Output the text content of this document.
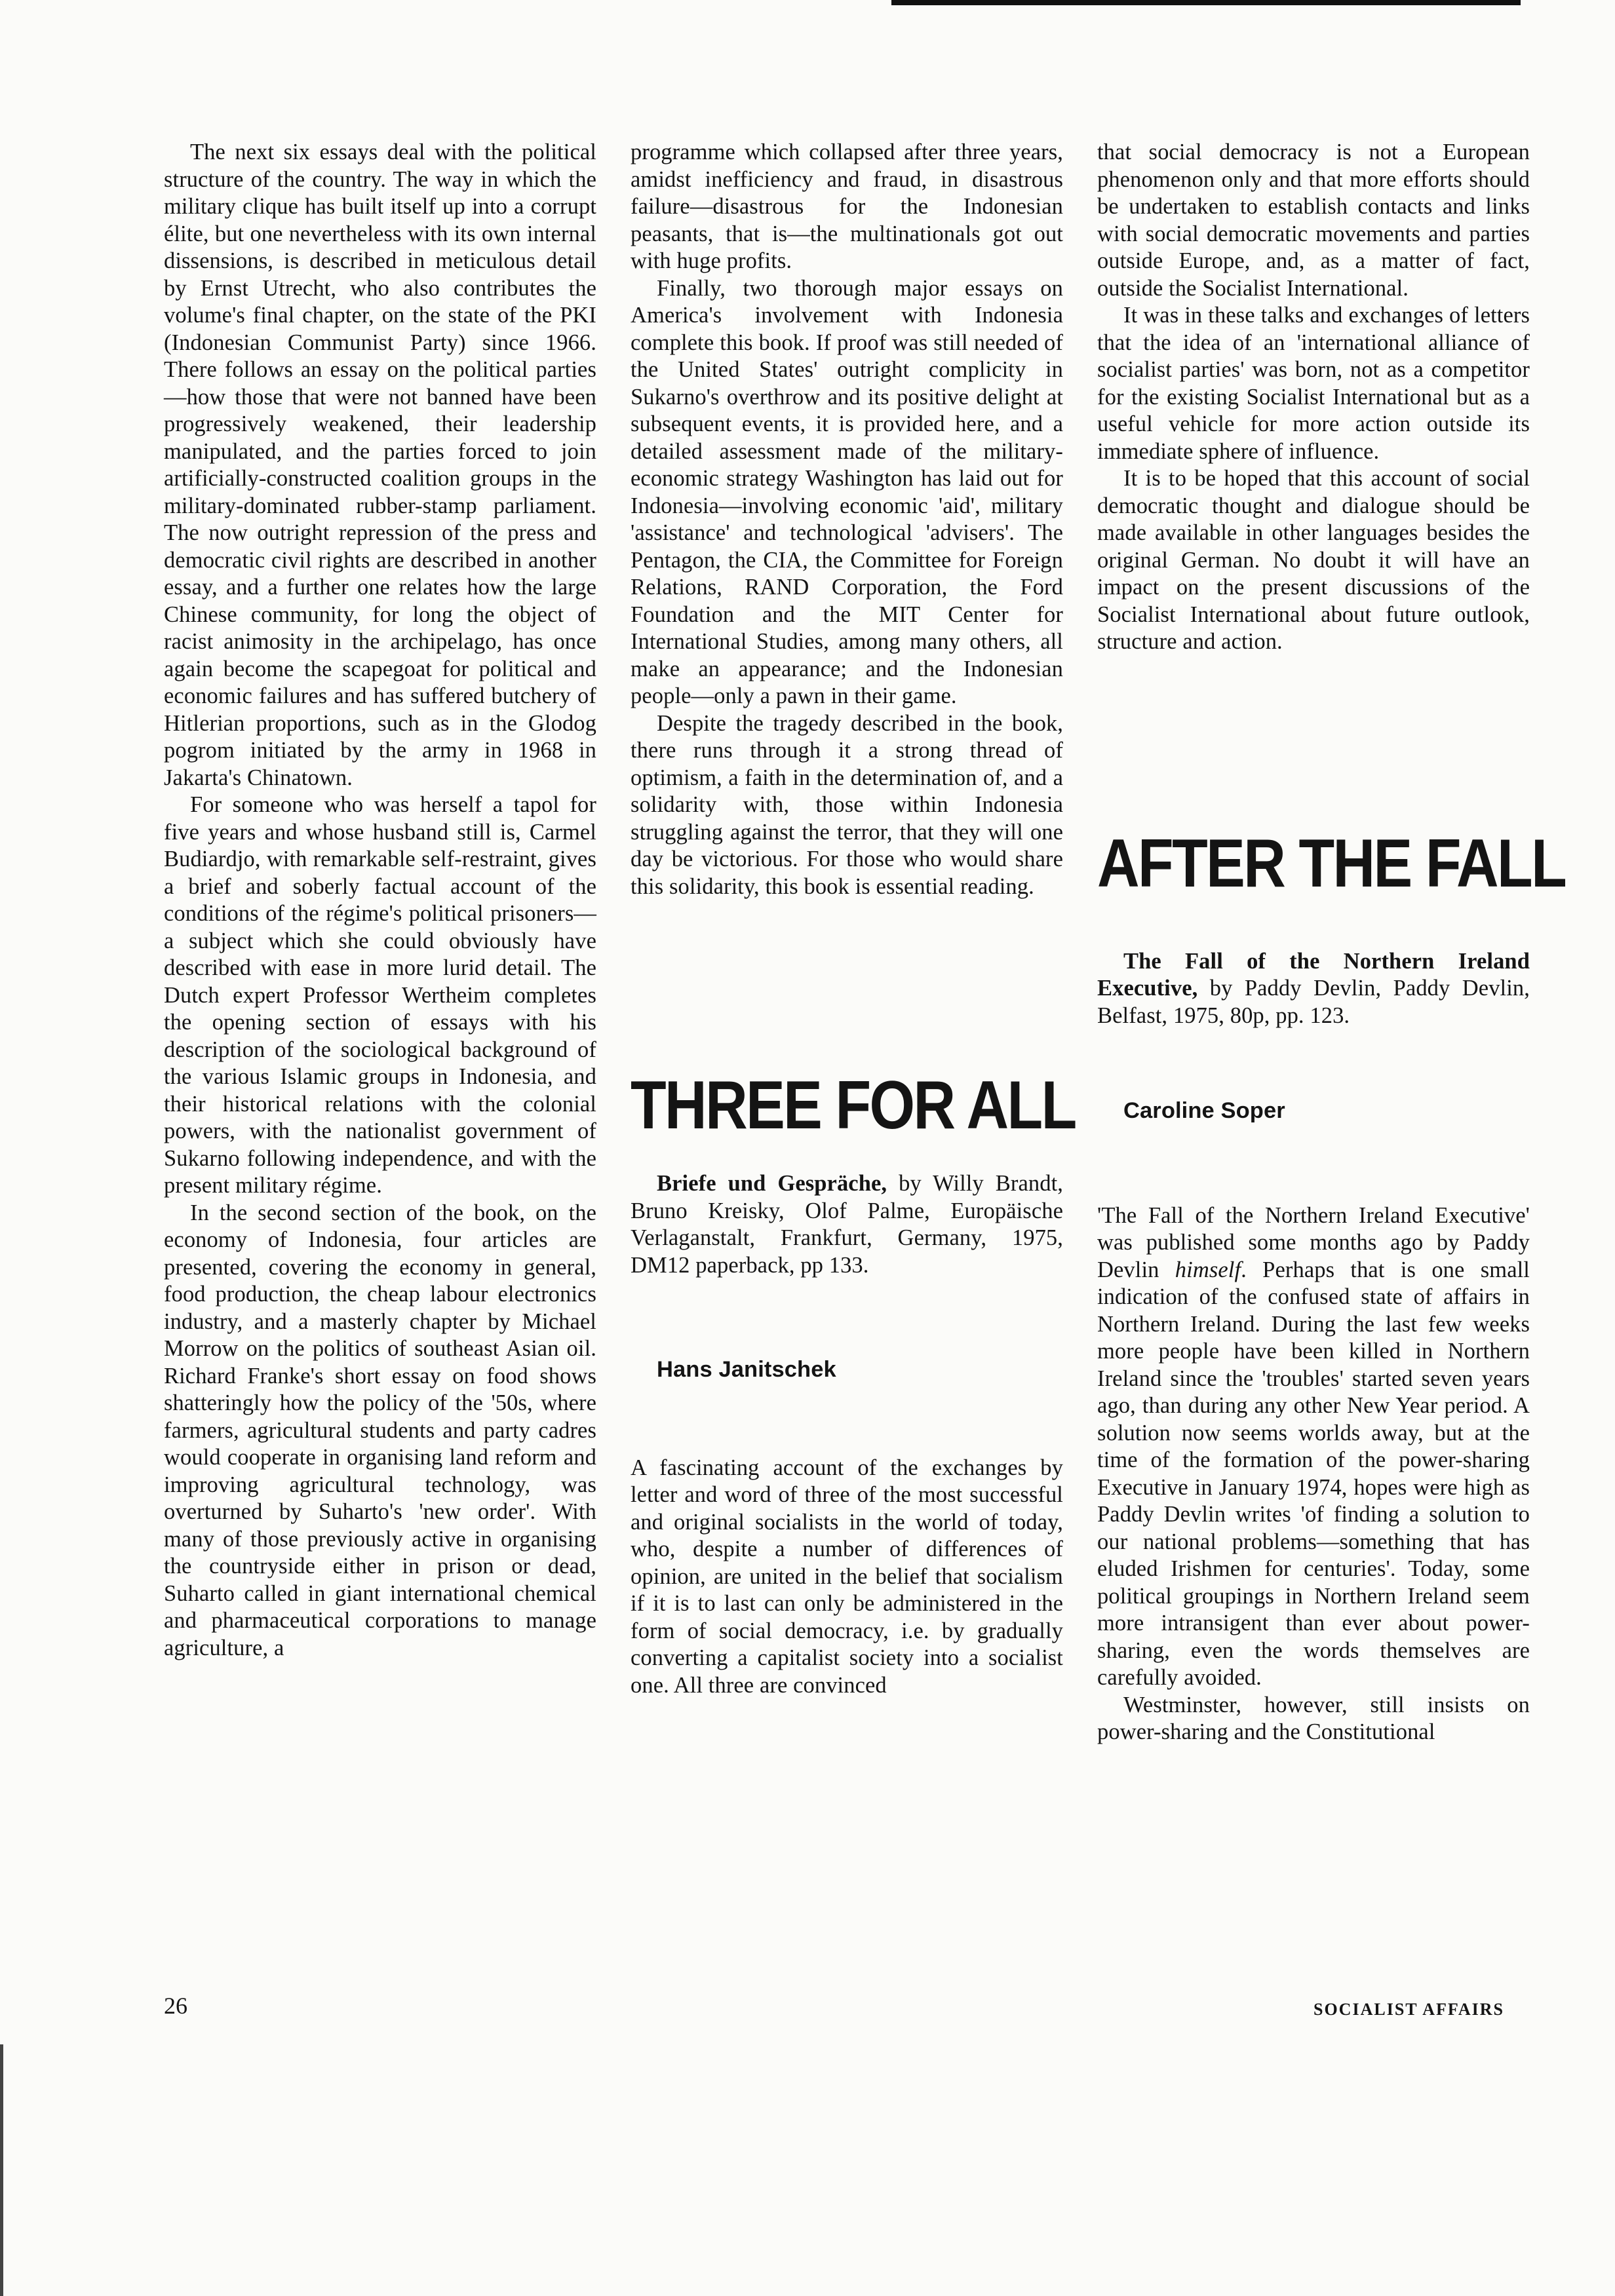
The next six essays deal with the political structure of the country. The way in which the military clique has built itself up into a corrupt élite, but one nevertheless with its own internal dissensions, is described in meticulous detail by Ernst Utrecht, who also contributes the volume's final chapter, on the state of the PKI (Indonesian Communist Party) since 1966. There follows an essay on the political parties—how those that were not banned have been progressively weakened, their leadership manipulated, and the parties forced to join artificially-constructed coalition groups in the military-dominated rubber-stamp parliament. The now outright repression of the press and democratic civil rights are described in another essay, and a further one relates how the large Chinese community, for long the object of racist animosity in the archipelago, has once again become the scapegoat for political and economic failures and has suffered butchery of Hitlerian proportions, such as in the Glodog pogrom initiated by the army in 1968 in Jakarta's Chinatown.

For someone who was herself a tapol for five years and whose husband still is, Carmel Budiardjo, with remarkable self-restraint, gives a brief and soberly factual account of the conditions of the régime's political prisoners—a subject which she could obviously have described with ease in more lurid detail. The Dutch expert Professor Wertheim completes the opening section of essays with his description of the sociological background of the various Islamic groups in Indonesia, and their historical relations with the colonial powers, with the nationalist government of Sukarno following independence, and with the present military régime.

In the second section of the book, on the economy of Indonesia, four articles are presented, covering the economy in general, food production, the cheap labour electronics industry, and a masterly chapter by Michael Morrow on the politics of southeast Asian oil. Richard Franke's short essay on food shows shatteringly how the policy of the '50s, where farmers, agricultural students and party cadres would cooperate in organising land reform and improving agricultural technology, was overturned by Suharto's 'new order'. With many of those previously active in organising the countryside either in prison or dead, Suharto called in giant international chemical and pharmaceutical corporations to manage agriculture, a

programme which collapsed after three years, amidst inefficiency and fraud, in disastrous failure—disastrous for the Indonesian peasants, that is—the multinationals got out with huge profits.

Finally, two thorough major essays on America's involvement with Indonesia complete this book. If proof was still needed of the United States' outright complicity in Sukarno's overthrow and its positive delight at subsequent events, it is provided here, and a detailed assessment made of the military-economic strategy Washington has laid out for Indonesia—involving economic 'aid', military 'assistance' and technological 'advisers'. The Pentagon, the CIA, the Committee for Foreign Relations, RAND Corporation, the Ford Foundation and the MIT Center for International Studies, among many others, all make an appearance; and the Indonesian people—only a pawn in their game.

Despite the tragedy described in the book, there runs through it a strong thread of optimism, a faith in the determination of, and a solidarity with, those within Indonesia struggling against the terror, that they will one day be victorious. For those who would share this solidarity, this book is essential reading.

THREE FOR ALL

Briefe und Gespräche, by Willy Brandt, Bruno Kreisky, Olof Palme, Europäische Verlaganstalt, Frankfurt, Germany, 1975, DM12 paperback, pp 133.

Hans Janitschek

A fascinating account of the exchanges by letter and word of three of the most successful and original socialists in the world of today, who, despite a number of differences of opinion, are united in the belief that socialism if it is to last can only be administered in the form of social democracy, i.e. by gradually converting a capitalist society into a socialist one. All three are convinced

that social democracy is not a European phenomenon only and that more efforts should be undertaken to establish contacts and links with social democratic movements and parties outside Europe, and, as a matter of fact, outside the Socialist International.

It was in these talks and exchanges of letters that the idea of an 'international alliance of socialist parties' was born, not as a competitor for the existing Socialist International but as a useful vehicle for more action outside its immediate sphere of influence.

It is to be hoped that this account of social democratic thought and dialogue should be made available in other languages besides the original German. No doubt it will have an impact on the present discussions of the Socialist International about future outlook, structure and action.

AFTER THE FALL

The Fall of the Northern Ireland Executive, by Paddy Devlin, Paddy Devlin, Belfast, 1975, 80p, pp. 123.

Caroline Soper

'The Fall of the Northern Ireland Executive' was published some months ago by Paddy Devlin himself. Perhaps that is one small indication of the confused state of affairs in Northern Ireland. During the last few weeks more people have been killed in Northern Ireland since the 'troubles' started seven years ago, than during any other New Year period. A solution now seems worlds away, but at the time of the formation of the power-sharing Executive in January 1974, hopes were high as Paddy Devlin writes 'of finding a solution to our national problems—something that has eluded Irishmen for centuries'. Today, some political groupings in Northern Ireland seem more intransigent than ever about power-sharing, even the words themselves are carefully avoided.

Westminster, however, still insists on power-sharing and the Constitutional

26	SOCIALIST AFFAIRS
